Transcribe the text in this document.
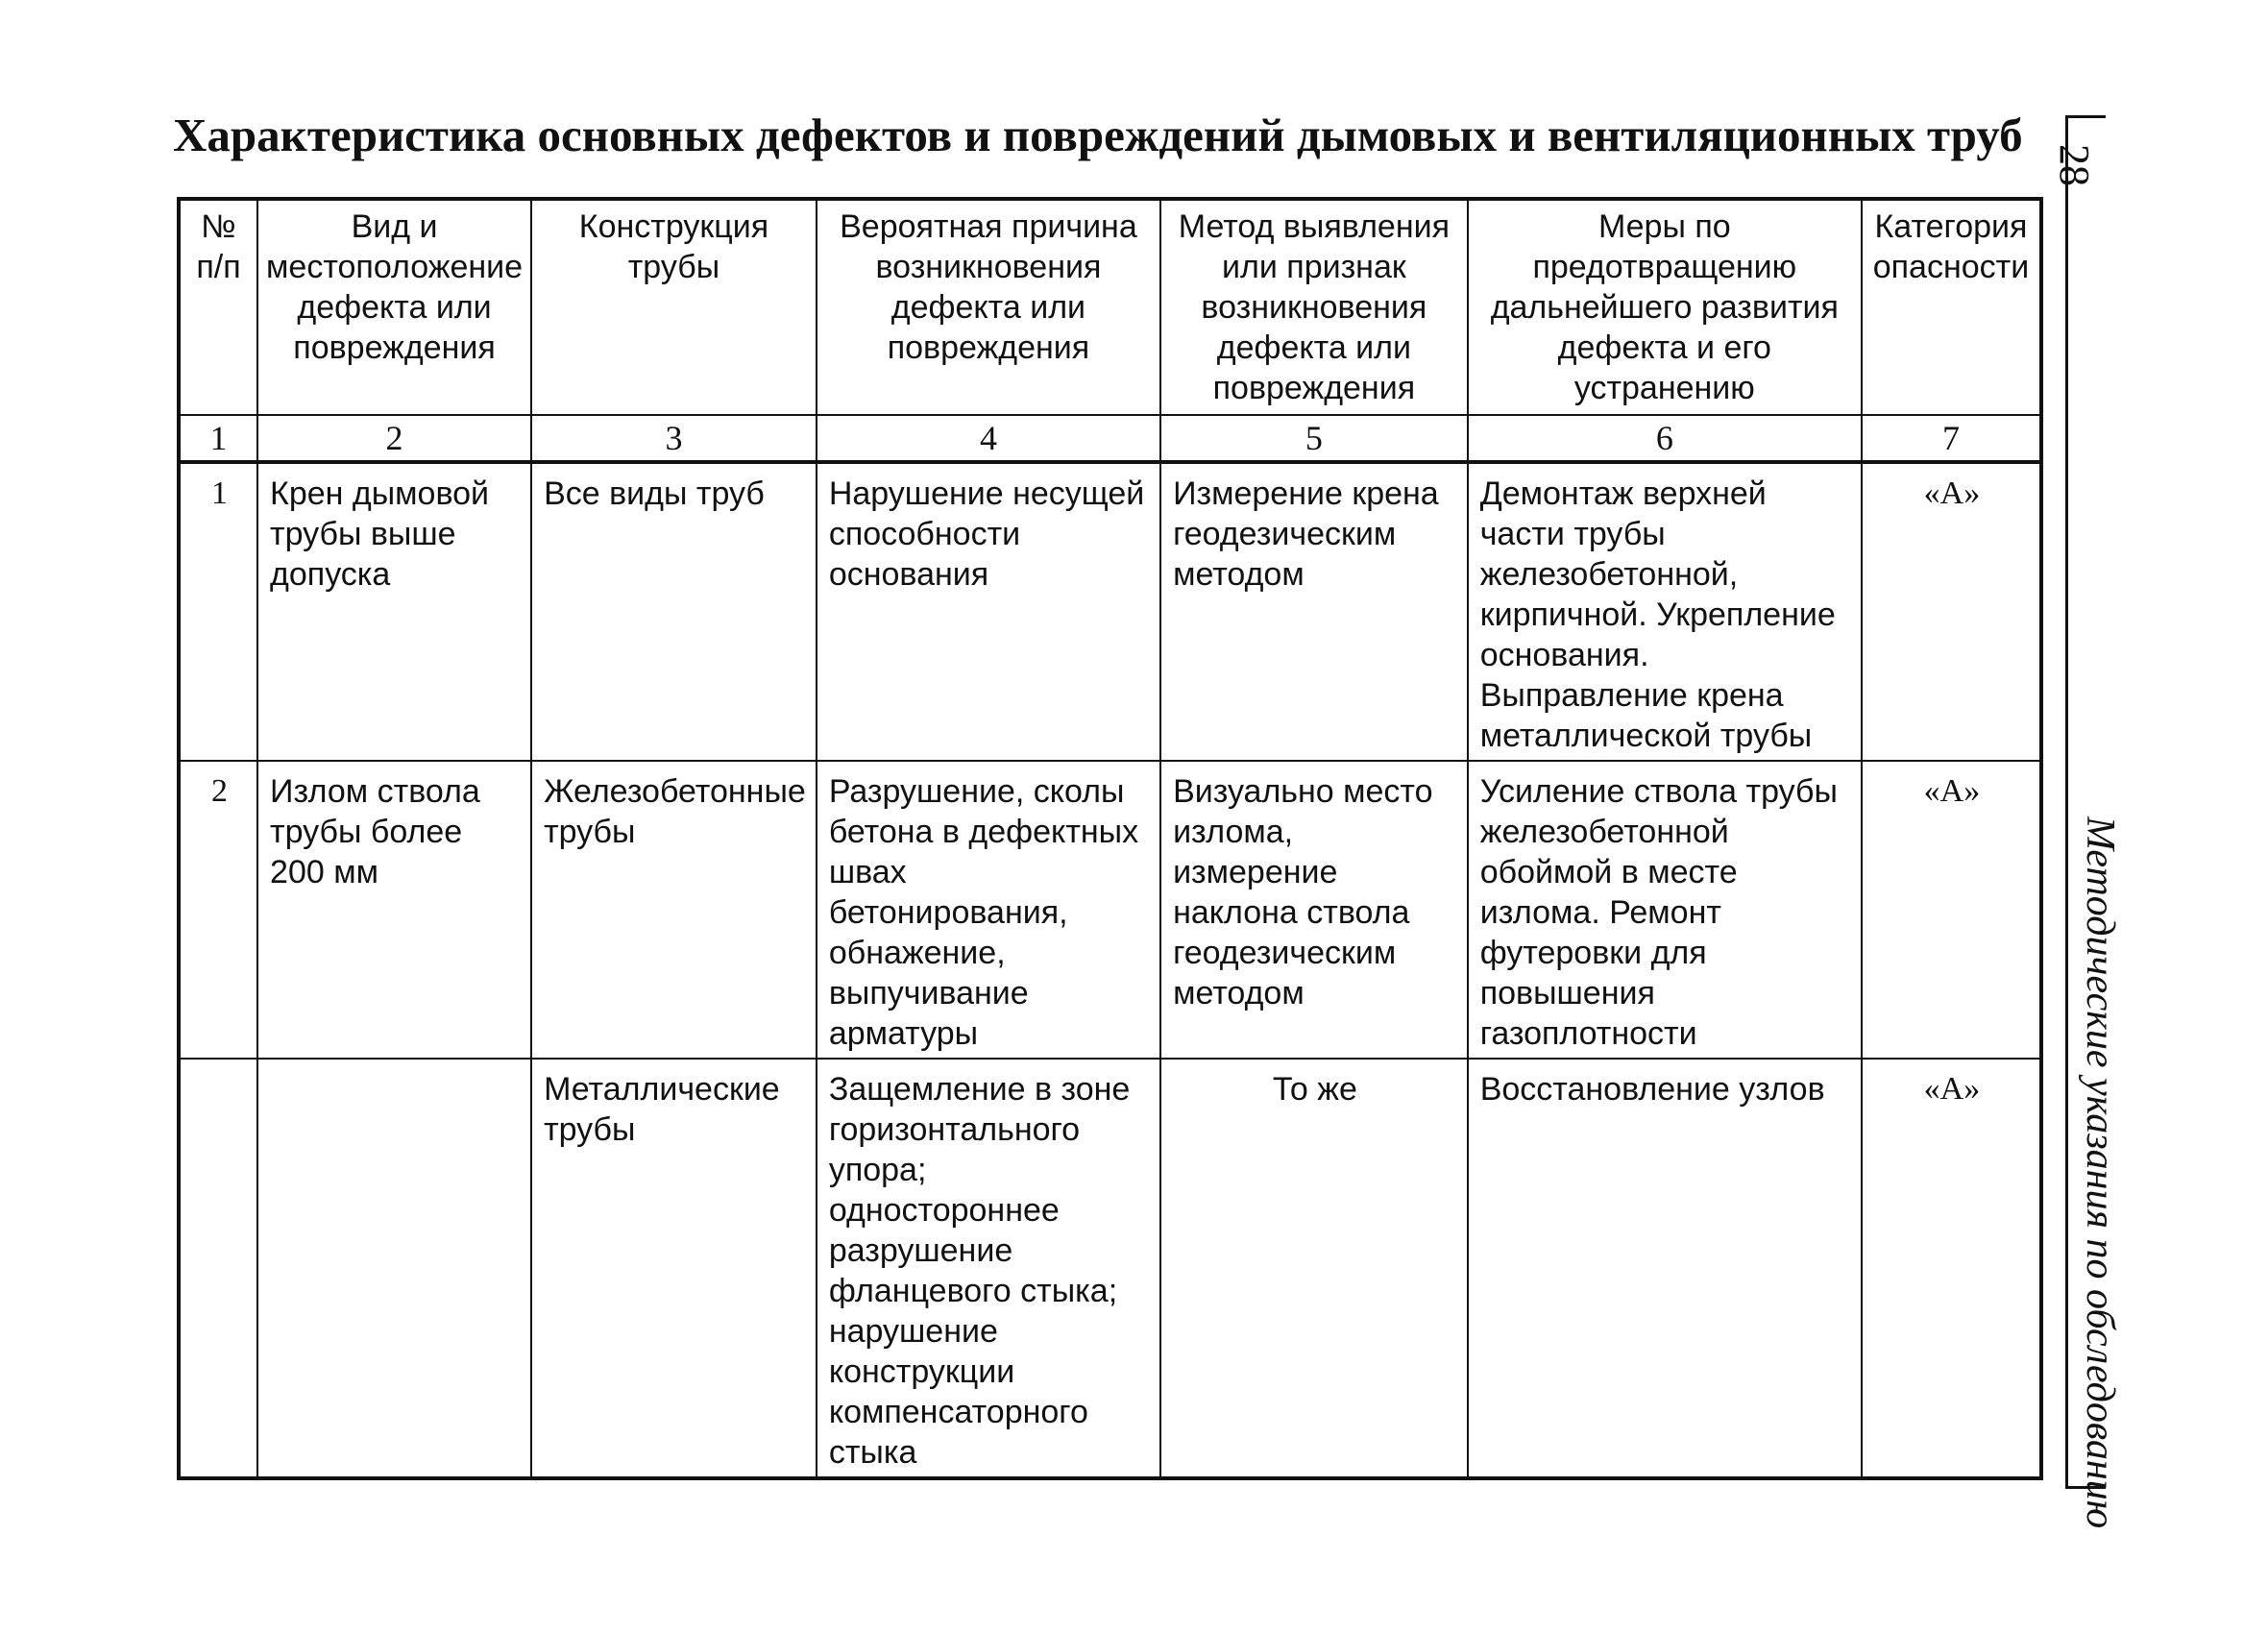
Характеристика основных дефектов и повреждений дымовых и вентиляционных труб
28
Методические указания по обследованию
№ п/п	Вид и местоположение дефекта или повреждения	Конструкция трубы	Вероятная причина возникновения дефекта или повреждения	Метод выявления или признак возникновения дефекта или повреждения	Меры по предотвращению дальнейшего развития дефекта и его устранению	Категория опасности
1	2	3	4	5	6	7
1	Крен дымовой трубы выше допуска	Все виды труб	Нарушение несущей способности основания	Измерение крена геодезическим методом	Демонтаж верхней части трубы железобетонной, кирпичной. Укрепление основания. Выправление крена металлической трубы	«А»
2	Излом ствола трубы более 200 мм	Железобетонные трубы	Разрушение, сколы бетона в дефектных швах бетонирования, обнажение, выпучивание арматуры	Визуально место излома, измерение наклона ствола геодезическим методом	Усиление ствола трубы железобетонной обоймой в месте излома. Ремонт футеровки для повышения газоплотности	«А»
		Металлические трубы	Защемление в зоне горизонтального упора; одностороннее разрушение фланцевого стыка; нарушение конструкции компенсаторного стыка	То же	Восстановление узлов	«А»
